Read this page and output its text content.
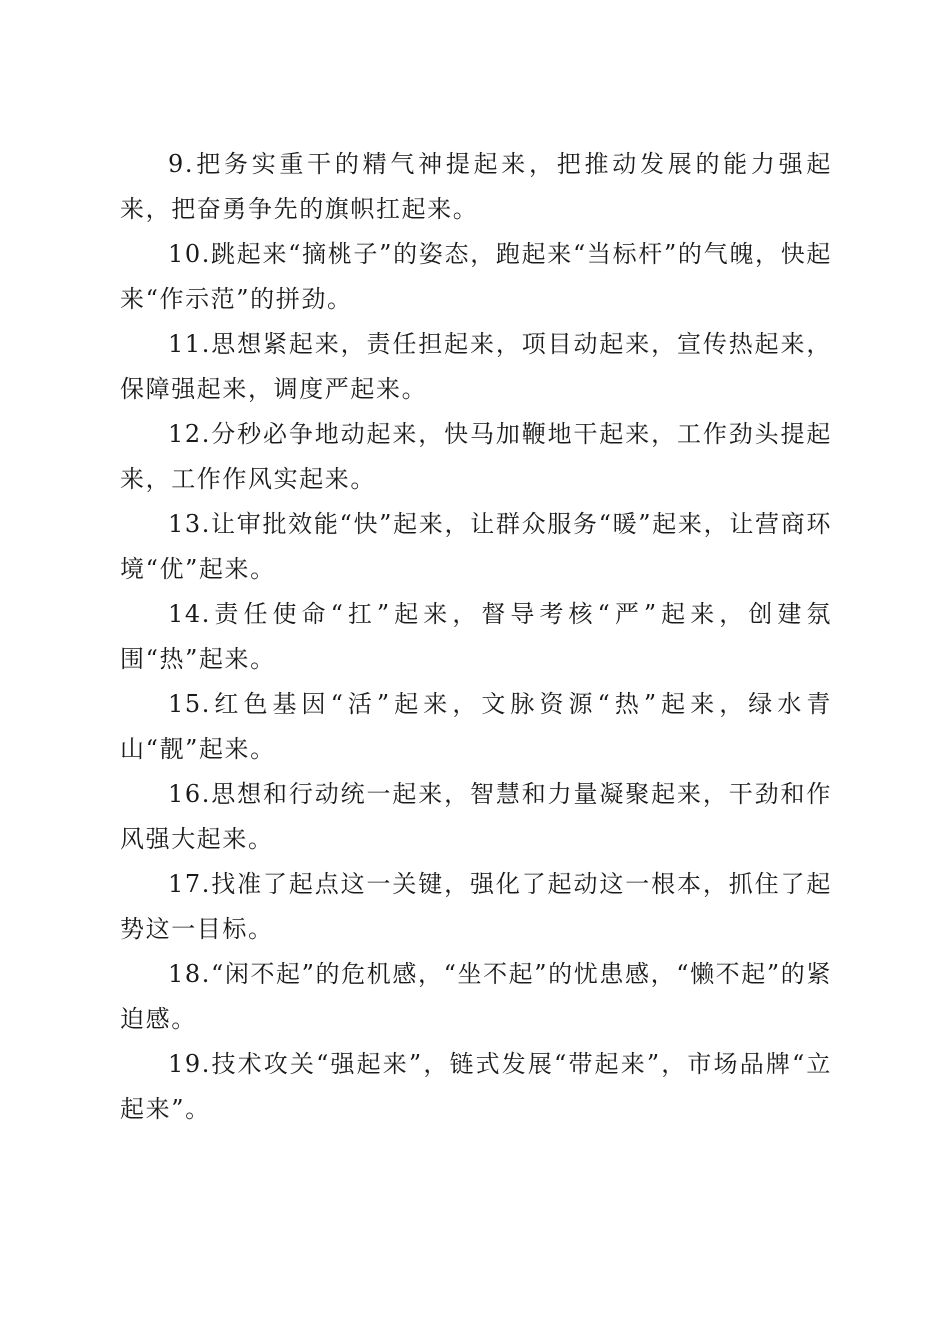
9.把务实重干的精气神提起来，把推动发展的能力强起来，把奋勇争先的旗帜扛起来。

10.跳起来“摘桃子”的姿态，跑起来“当标杆”的气魄，快起来“作示范”的拼劲。

11.思想紧起来，责任担起来，项目动起来，宣传热起来，保障强起来，调度严起来。

12.分秒必争地动起来，快马加鞭地干起来，工作劲头提起来，工作作风实起来。

13.让审批效能“快”起来，让群众服务“暖”起来，让营商环境“优”起来。

14.责任使命“扛”起来，督导考核“严”起来，创建氛围“热”起来。

15.红色基因“活”起来，文脉资源“热”起来，绿水青山“靓”起来。

16.思想和行动统一起来，智慧和力量凝聚起来，干劲和作风强大起来。

17.找准了起点这一关键，强化了起动这一根本，抓住了起势这一目标。

18.“闲不起”的危机感，“坐不起”的忧患感，“懒不起”的紧迫感。

19.技术攻关“强起来”，链式发展“带起来”，市场品牌“立起来”。
